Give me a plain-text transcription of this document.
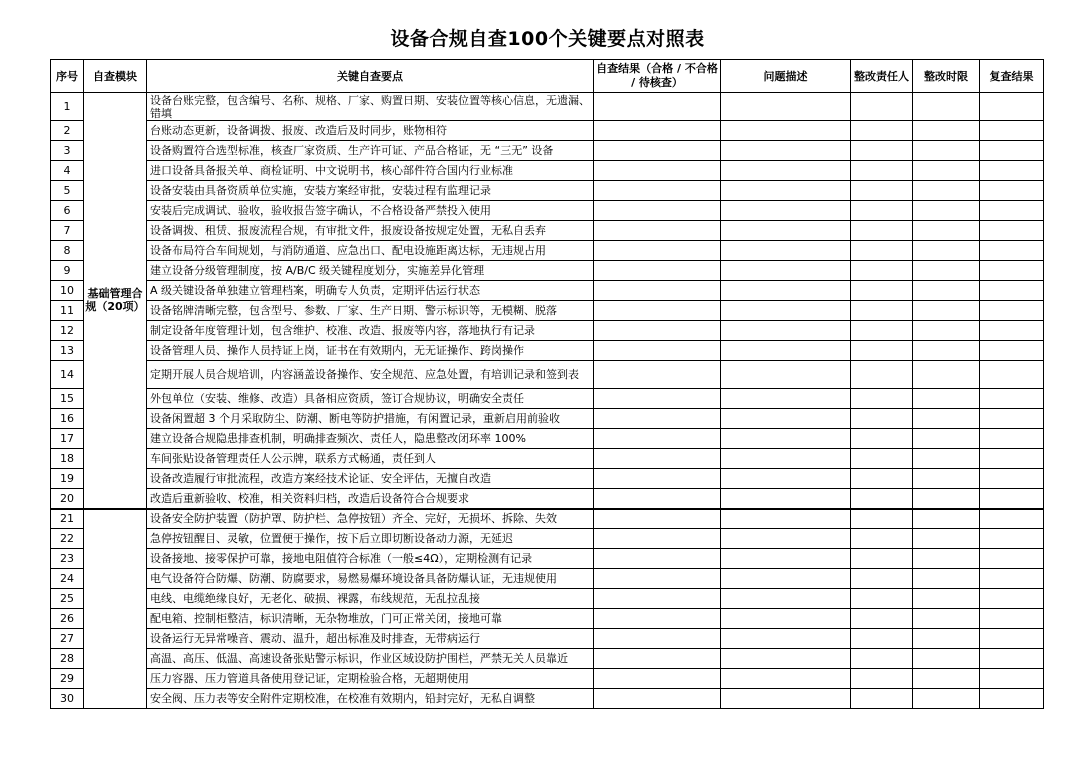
设备合规自查100个关键要点对照表
序号	自查模块	关键自查要点	自查结果（合格 / 不合格 / 待核查）	问题描述	整改责任人	整改时限	复查结果
1	基础管理合规（20项）	设备台账完整，包含编号、名称、规格、厂家、购置日期、安装位置等核心信息，无遗漏、错填					
2		台账动态更新，设备调拨、报废、改造后及时同步，账物相符					
3		设备购置符合选型标准，核查厂家资质、生产许可证、产品合格证，无 “三无” 设备					
4		进口设备具备报关单、商检证明、中文说明书，核心部件符合国内行业标准					
5		设备安装由具备资质单位实施，安装方案经审批，安装过程有监理记录					
6		安装后完成调试、验收，验收报告签字确认，不合格设备严禁投入使用					
7		设备调拨、租赁、报废流程合规，有审批文件，报废设备按规定处置，无私自丢弃					
8		设备布局符合车间规划，与消防通道、应急出口、配电设施距离达标，无违规占用					
9		建立设备分级管理制度，按 A/B/C 级关键程度划分，实施差异化管理					
10		A 级关键设备单独建立管理档案，明确专人负责，定期评估运行状态					
11		设备铭牌清晰完整，包含型号、参数、厂家、生产日期、警示标识等，无模糊、脱落					
12		制定设备年度管理计划，包含维护、校准、改造、报废等内容，落地执行有记录					
13		设备管理人员、操作人员持证上岗，证书在有效期内，无无证操作、跨岗操作					
14		定期开展人员合规培训，内容涵盖设备操作、安全规范、应急处置，有培训记录和签到表					
15		外包单位（安装、维修、改造）具备相应资质，签订合规协议，明确安全责任					
16		设备闲置超 3 个月采取防尘、防潮、断电等防护措施，有闲置记录，重新启用前验收					
17		建立设备合规隐患排查机制，明确排查频次、责任人，隐患整改闭环率 100%					
18		车间张贴设备管理责任人公示牌，联系方式畅通，责任到人					
19		设备改造履行审批流程，改造方案经技术论证、安全评估，无擅自改造					
20		改造后重新验收、校准，相关资料归档，改造后设备符合合规要求					
21		设备安全防护装置（防护罩、防护栏、急停按钮）齐全、完好，无损坏、拆除、失效					
22		急停按钮醒目、灵敏，位置便于操作，按下后立即切断设备动力源，无延迟					
23		设备接地、接零保护可靠，接地电阻值符合标准（一般≤4Ω），定期检测有记录					
24		电气设备符合防爆、防潮、防腐要求，易燃易爆环境设备具备防爆认证，无违规使用					
25		电线、电缆绝缘良好，无老化、破损、裸露，布线规范，无乱拉乱接					
26		配电箱、控制柜整洁，标识清晰，无杂物堆放，门可正常关闭，接地可靠					
27		设备运行无异常噪音、震动、温升，超出标准及时排查，无带病运行					
28		高温、高压、低温、高速设备张贴警示标识，作业区域设防护围栏，严禁无关人员靠近					
29		压力容器、压力管道具备使用登记证，定期检验合格，无超期使用					
30		安全阀、压力表等安全附件定期校准，在校准有效期内，铅封完好，无私自调整					
